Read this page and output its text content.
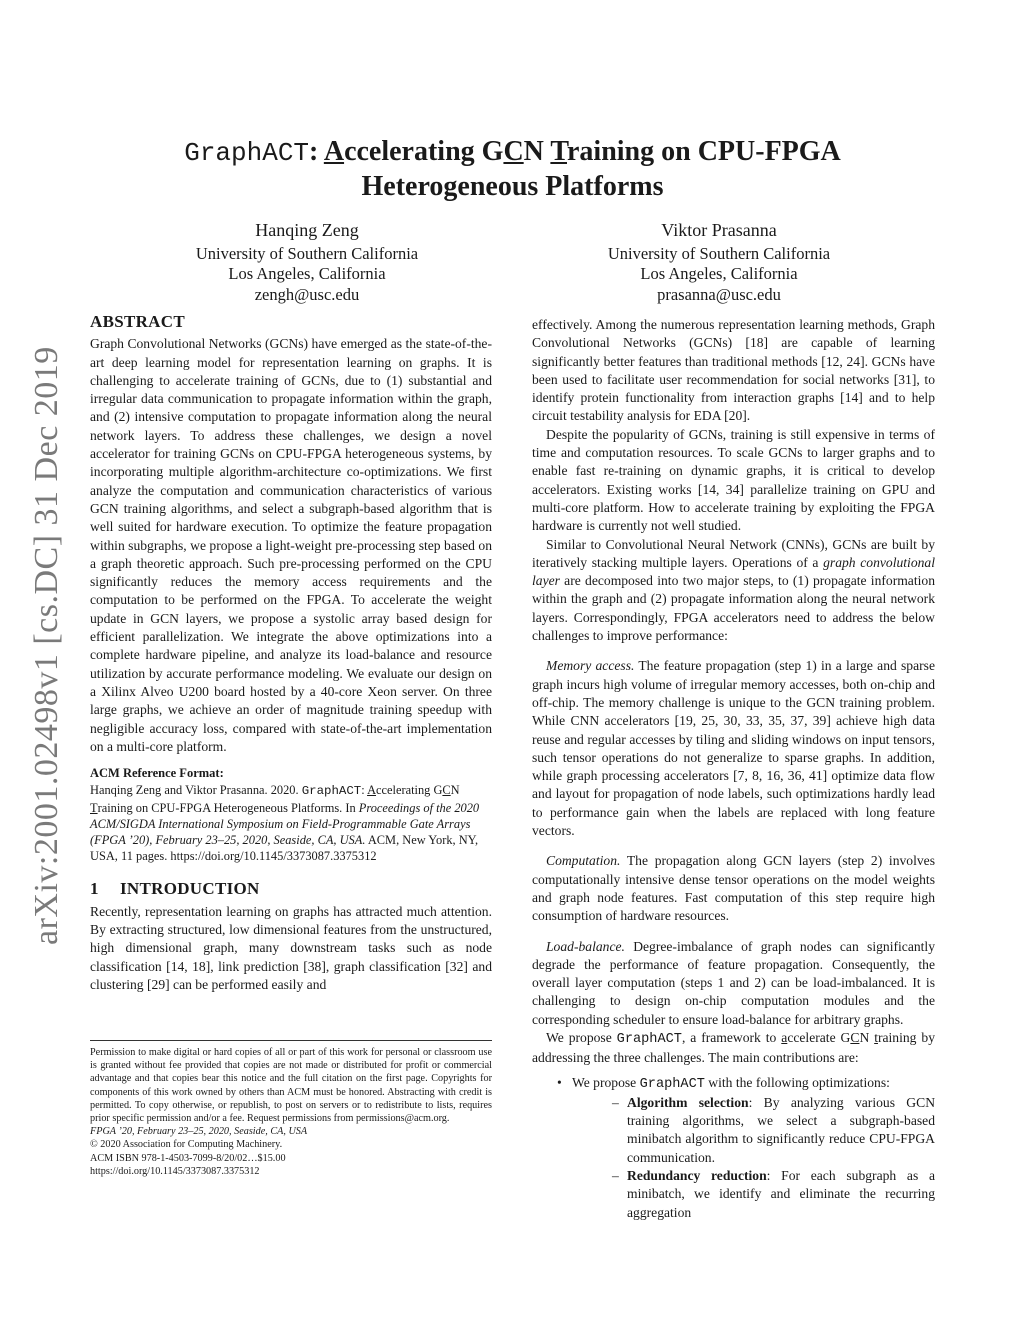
arXiv:2001.02498v1 [cs.DC] 31 Dec 2019
GraphACT: Accelerating GCN Training on CPU-FPGA
Heterogeneous Platforms
Hanqing Zeng
University of Southern California
Los Angeles, California
zengh@usc.edu
Viktor Prasanna
University of Southern California
Los Angeles, California
prasanna@usc.edu
ABSTRACT

Graph Convolutional Networks (GCNs) have emerged as the state-of-the-art deep learning model for representation learning on graphs. It is challenging to accelerate training of GCNs, due to (1) substantial and irregular data communication to propagate information within the graph, and (2) intensive computation to propagate information along the neural network layers. To address these challenges, we design a novel accelerator for training GCNs on CPU-FPGA heterogeneous systems, by incorporating multiple algorithm-architecture co-optimizations. We first analyze the computation and communication characteristics of various GCN training algorithms, and select a subgraph-based algorithm that is well suited for hardware execution. To optimize the feature propagation within subgraphs, we propose a light-weight pre-processing step based on a graph theoretic approach. Such pre-processing performed on the CPU significantly reduces the memory access requirements and the computation to be performed on the FPGA. To accelerate the weight update in GCN layers, we propose a systolic array based design for efficient parallelization. We integrate the above optimizations into a complete hardware pipeline, and analyze its load-balance and resource utilization by accurate performance modeling. We evaluate our design on a Xilinx Alveo U200 board hosted by a 40-core Xeon server. On three large graphs, we achieve an order of magnitude training speedup with negligible accuracy loss, compared with state-of-the-art implementation on a multi-core platform.

ACM Reference Format:

Hanqing Zeng and Viktor Prasanna. 2020. GraphACT: Accelerating GCN Training on CPU-FPGA Heterogeneous Platforms. In Proceedings of the 2020 ACM/SIGDA International Symposium on Field-Programmable Gate Arrays (FPGA ’20), February 23–25, 2020, Seaside, CA, USA. ACM, New York, NY, USA, 11 pages. https://doi.org/10.1145/3373087.3375312

1 INTRODUCTION

Recently, representation learning on graphs has attracted much attention. By extracting structured, low dimensional features from the unstructured, high dimensional graph, many downstream tasks such as node classification [14, 18], link prediction [38], graph classification [32] and clustering [29] can be performed easily and

Permission to make digital or hard copies of all or part of this work for personal or classroom use is granted without fee provided that copies are not made or distributed for profit or commercial advantage and that copies bear this notice and the full citation on the first page. Copyrights for components of this work owned by others than ACM must be honored. Abstracting with credit is permitted. To copy otherwise, or republish, to post on servers or to redistribute to lists, requires prior specific permission and/or a fee. Request permissions from permissions@acm.org.

FPGA ’20, February 23–25, 2020, Seaside, CA, USA

© 2020 Association for Computing Machinery.

ACM ISBN 978-1-4503-7099-8/20/02…$15.00

https://doi.org/10.1145/3373087.3375312

effectively. Among the numerous representation learning methods, Graph Convolutional Networks (GCNs) [18] are capable of learning significantly better features than traditional methods [12, 24]. GCNs have been used to facilitate user recommendation for social networks [31], to identify protein functionality from interaction graphs [14] and to help circuit testability analysis for EDA [20].

Despite the popularity of GCNs, training is still expensive in terms of time and computation resources. To scale GCNs to larger graphs and to enable fast re-training on dynamic graphs, it is critical to develop accelerators. Existing works [14, 34] parallelize training on GPU and multi-core platform. How to accelerate training by exploiting the FPGA hardware is currently not well studied.

Similar to Convolutional Neural Network (CNNs), GCNs are built by iteratively stacking multiple layers. Operations of a graph convolutional layer are decomposed into two major steps, to (1) propagate information within the graph and (2) propagate information along the neural network layers. Correspondingly, FPGA accelerators need to address the below challenges to improve performance:

Memory access. The feature propagation (step 1) in a large and sparse graph incurs high volume of irregular memory accesses, both on-chip and off-chip. The memory challenge is unique to the GCN training problem. While CNN accelerators [19, 25, 30, 33, 35, 37, 39] achieve high data reuse and regular accesses by tiling and sliding windows on input tensors, such tensor operations do not generalize to sparse graphs. In addition, while graph processing accelerators [7, 8, 16, 36, 41] optimize data flow and layout for propagation of node labels, such optimizations hardly lead to performance gain when the labels are replaced with long feature vectors.

Computation. The propagation along GCN layers (step 2) involves computationally intensive dense tensor operations on the model weights and graph node features. Fast computation of this step require high consumption of hardware resources.

Load-balance. Degree-imbalance of graph nodes can significantly degrade the performance of feature propagation. Consequently, the overall layer computation (steps 1 and 2) can be load-imbalanced. It is challenging to design on-chip computation modules and the corresponding scheduler to ensure load-balance for arbitrary graphs.

We propose GraphACT, a framework to accelerate GCN training by addressing the three challenges. The main contributions are:

• We propose GraphACT with the following optimizations:
– Algorithm selection: By analyzing various GCN training algorithms, we select a subgraph-based minibatch algorithm to significantly reduce CPU-FPGA communication.
– Redundancy reduction: For each subgraph as a minibatch, we identify and eliminate the recurring aggregation
